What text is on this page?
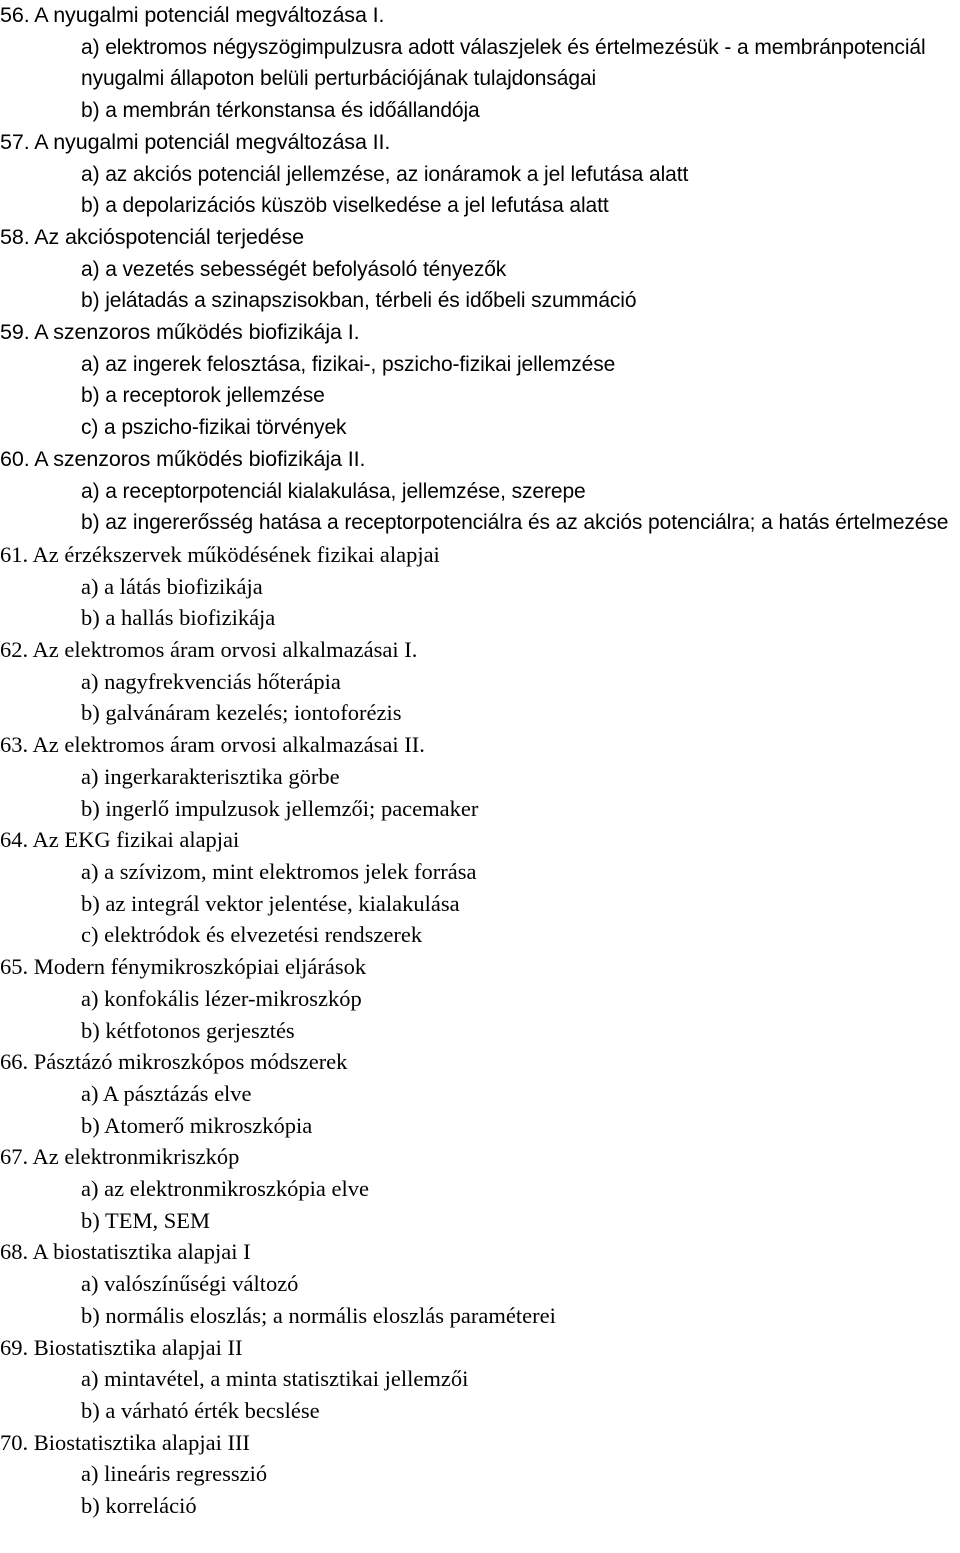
56. A nyugalmi potenciál megváltozása I.
a) elektromos négyszögimpulzusra adott válaszjelek és értelmezésük - a membránpotenciál nyugalmi állapoton belüli perturbációjának tulajdonságai
b) a membrán térkonstansa és időállandója
57. A nyugalmi potenciál megváltozása II.
a) az akciós potenciál jellemzése, az ionáramok a jel lefutása alatt
b) a depolarizációs küszöb viselkedése a jel lefutása alatt
58. Az akcióspotenciál terjedése
a) a vezetés sebességét befolyásoló tényezők
b) jelátadás a szinapszisokban, térbeli és időbeli szummáció
59. A szenzoros működés biofizikája I.
a) az ingerek felosztása, fizikai-, pszicho-fizikai jellemzése
b) a receptorok jellemzése
c) a pszicho-fizikai törvények
60. A szenzoros működés biofizikája II.
a) a receptorpotenciál kialakulása, jellemzése, szerepe
b) az ingererősség hatása a receptorpotenciálra és az akciós potenciálra; a hatás értelmezése
61. Az érzékszervek működésének fizikai alapjai
a) a látás biofizikája
b) a hallás biofizikája
62. Az elektromos áram orvosi alkalmazásai I.
a) nagyfrekvenciás hőterápia
b) galvánáram kezelés; iontoforézis
63. Az elektromos áram orvosi alkalmazásai II.
a) ingerkarakterisztika görbe
b) ingerlő impulzusok jellemzői; pacemaker
64. Az EKG fizikai alapjai
a) a szívizom, mint elektromos jelek forrása
b) az integrál vektor jelentése, kialakulása
c) elektródok és elvezetési rendszerek
65. Modern fénymikroszkópiai eljárások
a) konfokális lézer-mikroszkóp
b) kétfotonos gerjesztés
66. Pásztázó mikroszkópos módszerek
a) A pásztázás elve
b) Atomerő mikroszkópia
67. Az elektronmikriszkóp
a) az elektronmikroszkópia elve
b) TEM, SEM
68. A biostatisztika alapjai I
a) valószínűségi változó
b) normális eloszlás; a normális eloszlás paraméterei
69. Biostatisztika alapjai II
a) mintavétel, a minta statisztikai jellemzői
b) a várható érték becslése
70. Biostatisztika alapjai III
a) lineáris regresszió
b) korreláció
